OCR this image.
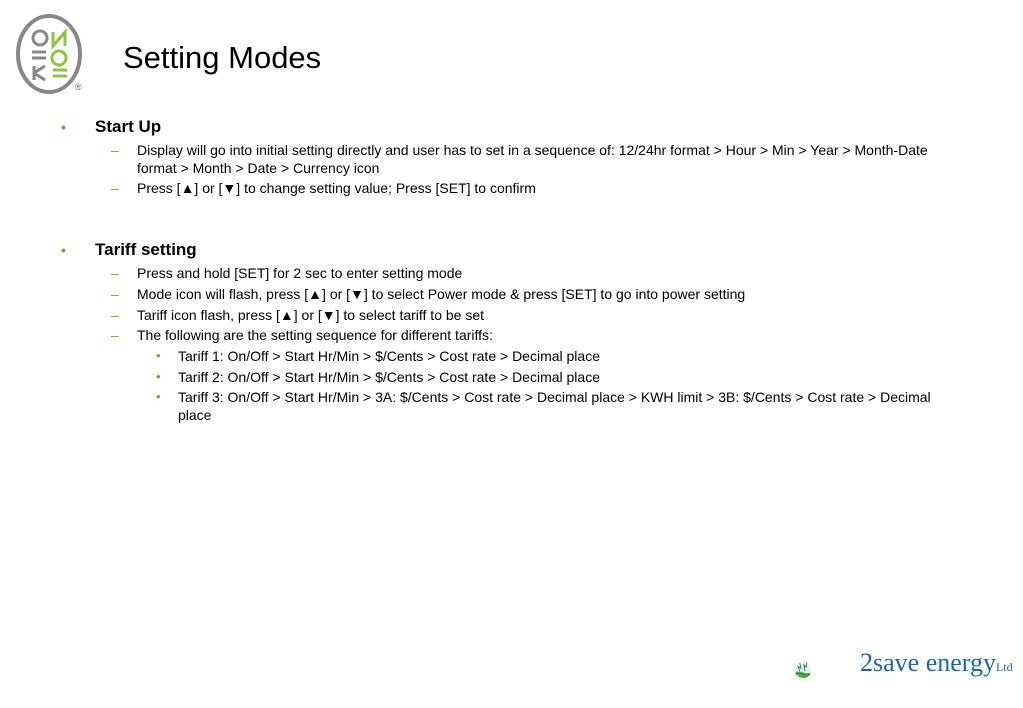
®
Setting Modes
• Start Up
– Display will go into initial setting directly and user has to set in a sequence of: 12/24hr format > Hour > Min > Year > Month-Date format > Month > Date > Currency icon
– Press [▲] or [▼] to change setting value; Press [SET] to confirm
• Tariff setting
– Press and hold [SET] for 2 sec to enter setting mode
– Mode icon will flash, press [▲] or [▼] to select Power mode & press [SET] to go into power setting
– Tariff icon flash, press [▲] or [▼] to select tariff to be set
– The following are the setting sequence for different tariffs:
• Tariff 1: On/Off > Start Hr/Min > $/Cents > Cost rate > Decimal place
• Tariff 2: On/Off > Start Hr/Min > $/Cents > Cost rate > Decimal place
• Tariff 3: On/Off > Start Hr/Min > 3A: $/Cents > Cost rate > Decimal place > KWH limit > 3B: $/Cents > Cost rate > Decimal place
2save energyLtd
